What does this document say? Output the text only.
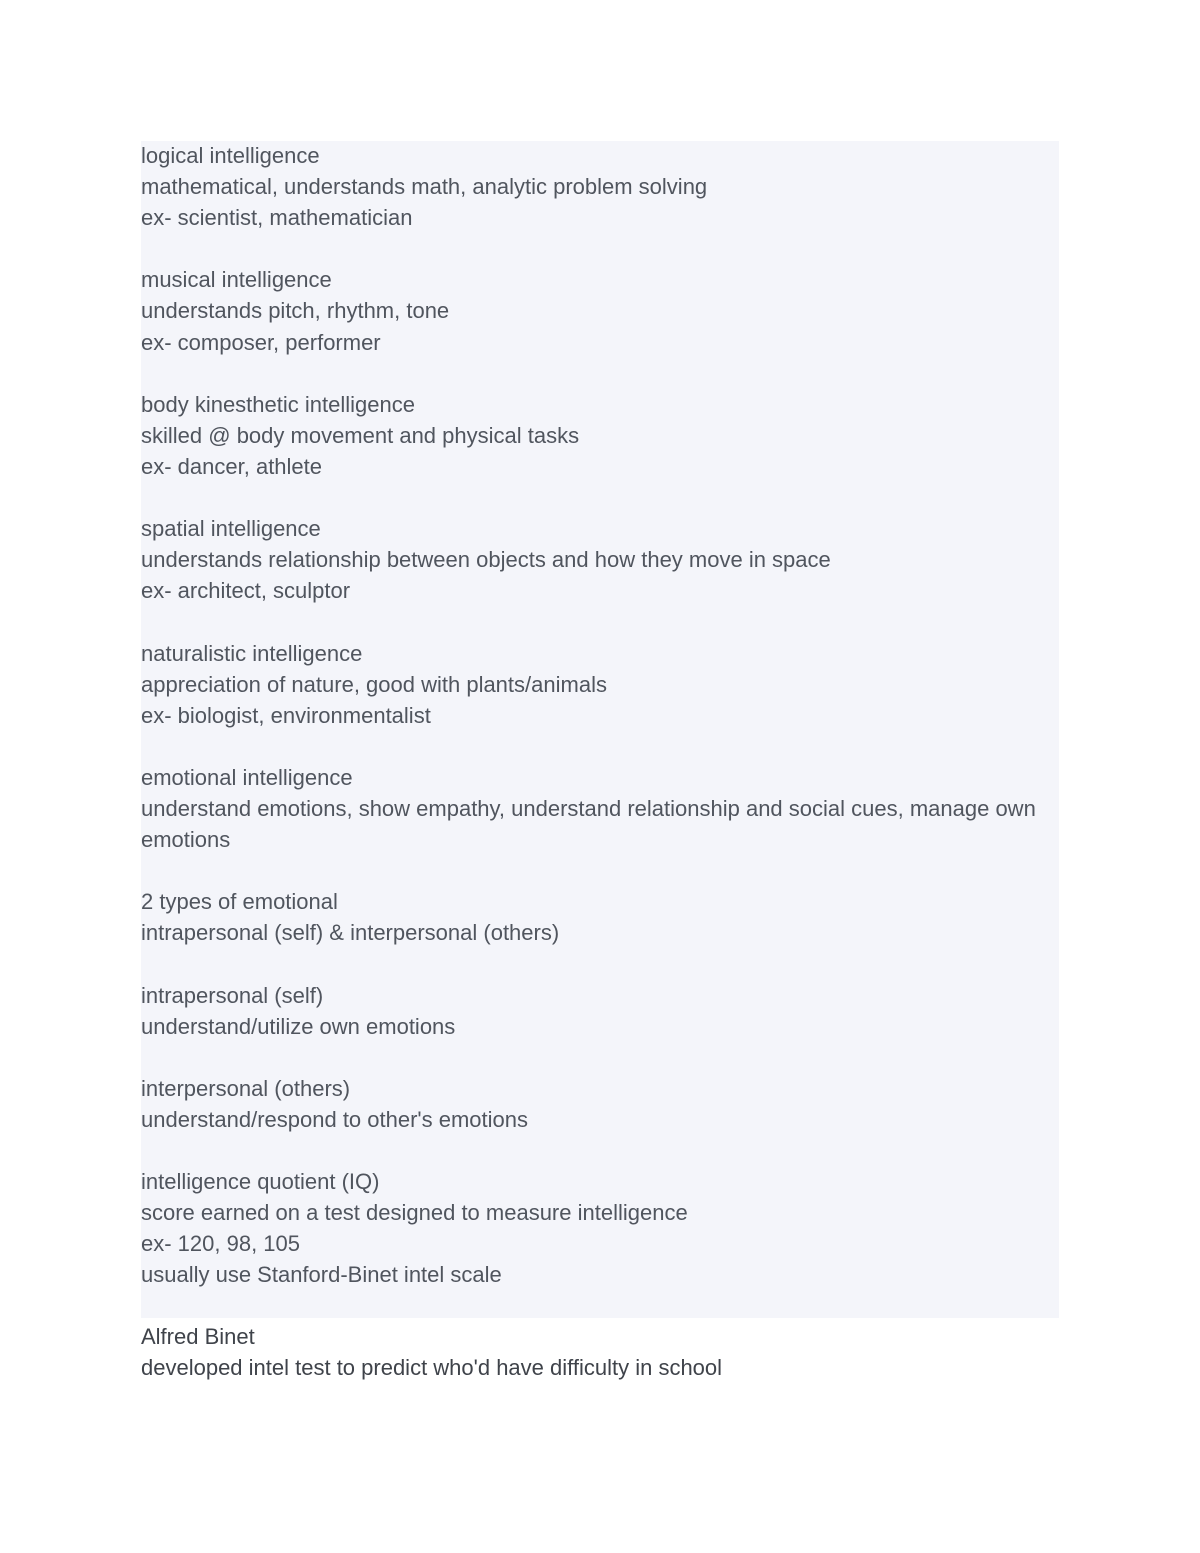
logical intelligence
mathematical, understands math, analytic problem solving
ex- scientist, mathematician
musical intelligence
understands pitch, rhythm, tone
ex- composer, performer
body kinesthetic intelligence
skilled @ body movement and physical tasks
ex- dancer, athlete
spatial intelligence
understands relationship between objects and how they move in space
ex- architect, sculptor
naturalistic intelligence
appreciation of nature, good with plants/animals
ex- biologist, environmentalist
emotional intelligence
understand emotions, show empathy, understand relationship and social cues, manage own emotions
2 types of emotional
intrapersonal (self) & interpersonal (others)
intrapersonal (self)
understand/utilize own emotions
interpersonal (others)
understand/respond to other's emotions
intelligence quotient (IQ)
score earned on a test designed to measure intelligence
ex- 120, 98, 105
usually use Stanford-Binet intel scale
Alfred Binet
developed intel test to predict who'd have difficulty in school
